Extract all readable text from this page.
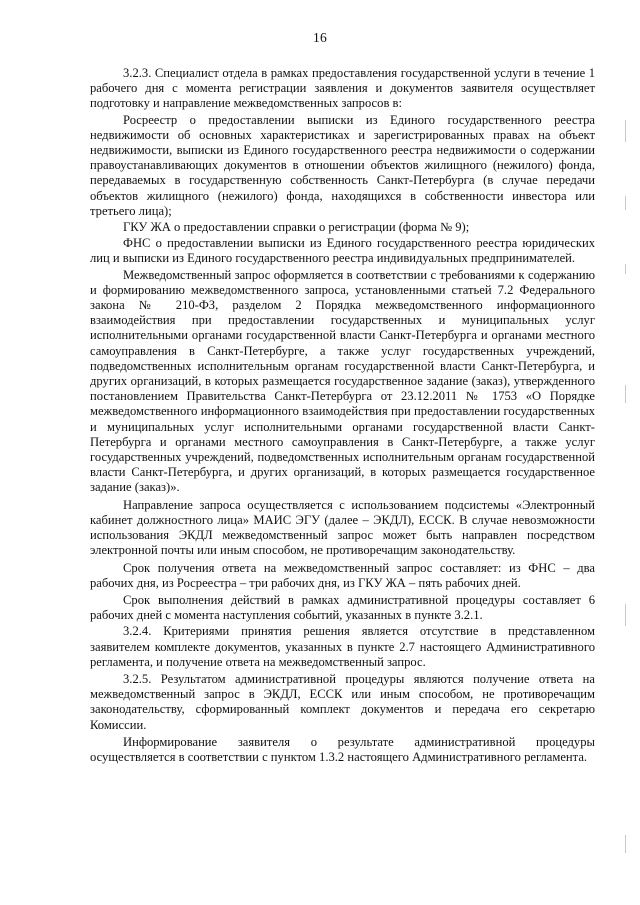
16

3.2.3. Специалист отдела в рамках предоставления государственной услуги в течение 1 рабочего дня с момента регистрации заявления и документов заявителя осуществляет подготовку и направление межведомственных запросов в:

Росреестр о предоставлении выписки из Единого государственного реестра недвижимости об основных характеристиках и зарегистрированных правах на объект недвижимости, выписки из Единого государственного реестра недвижимости о содержании правоустанавливающих документов в отношении объектов жилищного (нежилого) фонда, передаваемых в государственную собственность Санкт-Петербурга (в случае передачи объектов жилищного (нежилого) фонда, находящихся в собственности инвестора или третьего лица);

ГКУ ЖА о предоставлении справки о регистрации (форма № 9);

ФНС о предоставлении выписки из Единого государственного реестра юридических лиц и выписки из Единого государственного реестра индивидуальных предпринимателей.

Межведомственный запрос оформляется в соответствии с требованиями к содержанию и формированию межведомственного запроса, установленными статьей 7.2 Федерального закона № 210-ФЗ, разделом 2 Порядка межведомственного информационного взаимодействия при предоставлении государственных и муниципальных услуг исполнительными органами государственной власти Санкт-Петербурга и органами местного самоуправления в Санкт-Петербурге, а также услуг государственных учреждений, подведомственных исполнительным органам государственной власти Санкт-Петербурга, и других организаций, в которых размещается государственное задание (заказ), утвержденного постановлением Правительства Санкт-Петербурга от 23.12.2011 № 1753 «О Порядке межведомственного информационного взаимодействия при предоставлении государственных и муниципальных услуг исполнительными органами государственной власти Санкт-Петербурга и органами местного самоуправления в Санкт-Петербурге, а также услуг государственных учреждений, подведомственных исполнительным органам государственной власти Санкт-Петербурга, и других организаций, в которых размещается государственное задание (заказ)».

Направление запроса осуществляется с использованием подсистемы «Электронный кабинет должностного лица» МАИС ЭГУ (далее – ЭКДЛ), ЕССК. В случае невозможности использования ЭКДЛ межведомственный запрос может быть направлен посредством электронной почты или иным способом, не противоречащим законодательству.

Срок получения ответа на межведомственный запрос составляет: из ФНС – два рабочих дня, из Росреестра – три рабочих дня, из ГКУ ЖА – пять рабочих дней.

Срок выполнения действий в рамках административной процедуры составляет 6 рабочих дней с момента наступления событий, указанных в пункте 3.2.1.

3.2.4. Критериями принятия решения является отсутствие в представленном заявителем комплекте документов, указанных в пункте 2.7 настоящего Административного регламента, и получение ответа на межведомственный запрос.

3.2.5. Результатом административной процедуры являются получение ответа на межведомственный запрос в ЭКДЛ, ЕССК или иным способом, не противоречащим законодательству, сформированный комплект документов и передача его секретарю Комиссии.

Информирование заявителя о результате административной процедуры осуществляется в соответствии с пунктом 1.3.2 настоящего Административного регламента.
